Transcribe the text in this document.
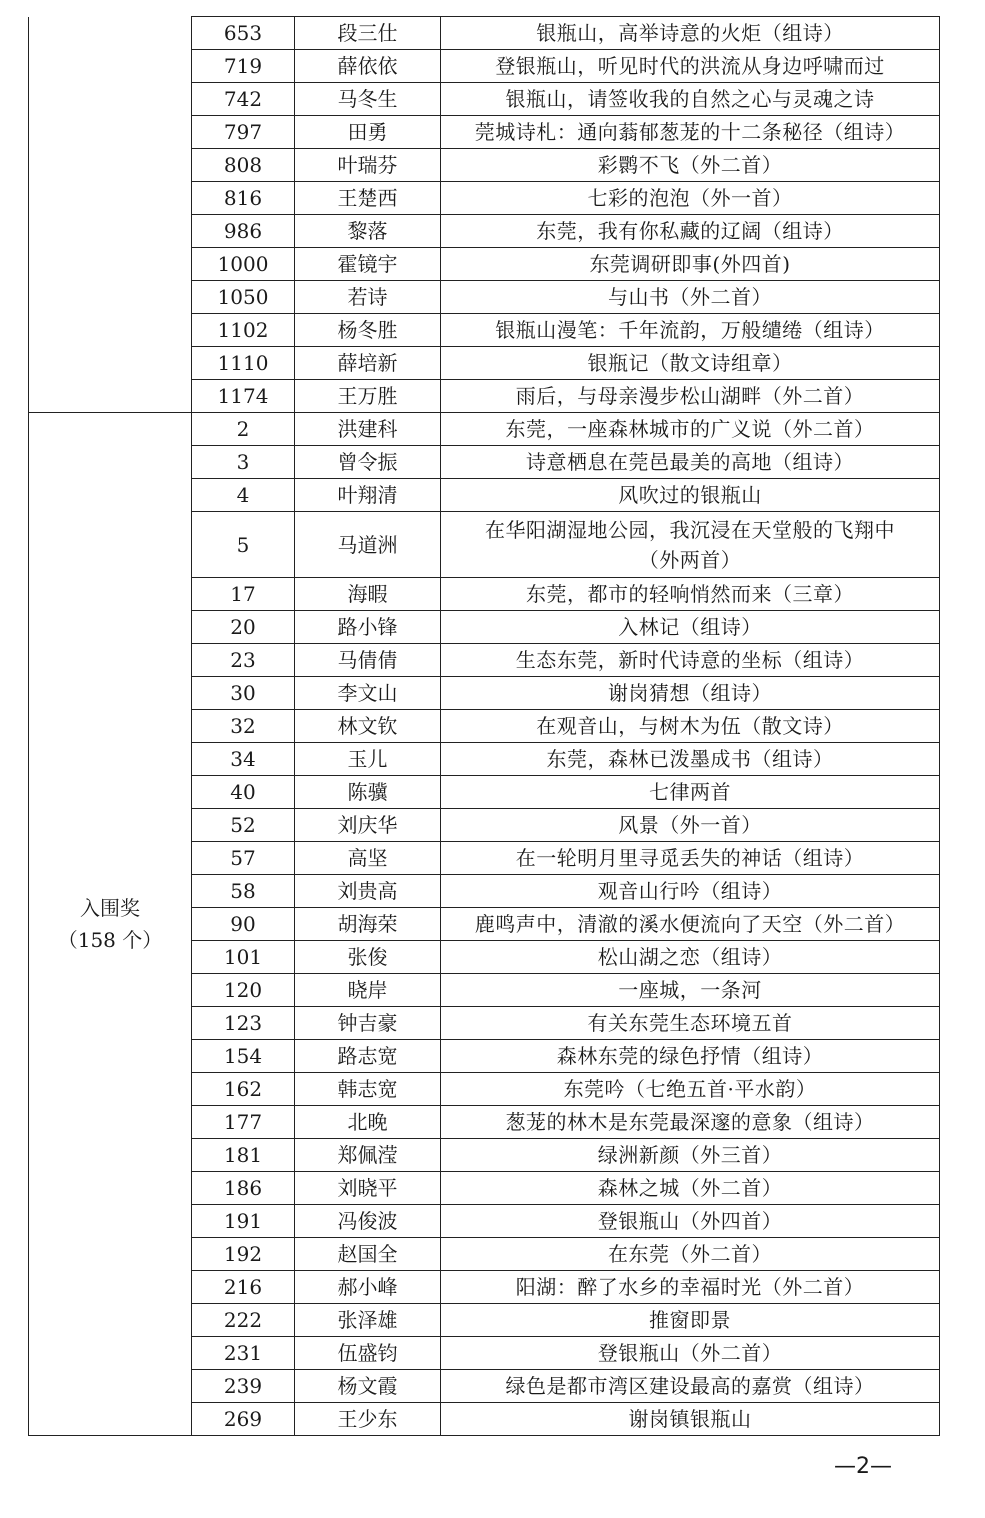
	653	段三仕	银瓶山，高举诗意的火炬（组诗）
	719	薛依依	登银瓶山，听见时代的洪流从身边呼啸而过
	742	马冬生	银瓶山，请签收我的自然之心与灵魂之诗
	797	田勇	莞城诗札：通向蓊郁葱茏的十二条秘径（组诗）
	808	叶瑞芬	彩鹮不飞（外二首）
	816	王楚西	七彩的泡泡（外一首）
	986	黎落	东莞，我有你私藏的辽阔（组诗）
	1000	霍镜宇	东莞调研即事(外四首)
	1050	若诗	与山书（外二首）
	1102	杨冬胜	银瓶山漫笔：千年流韵，万般缱绻（组诗）
	1110	薛培新	银瓶记（散文诗组章）
	1174	王万胜	雨后，与母亲漫步松山湖畔（外二首）

入围奖
（158 个）	2	洪建科	东莞，一座森林城市的广义说（外二首）
	3	曾令振	诗意栖息在莞邑最美的高地（组诗）
	4	叶翔清	风吹过的银瓶山
	5	马道洲	在华阳湖湿地公园，我沉浸在天堂般的飞翔中
（外两首）

	17	海暇	东莞，都市的轻响悄然而来（三章）
	20	路小锋	入林记（组诗）
	23	马倩倩	生态东莞，新时代诗意的坐标（组诗）
	30	李文山	谢岗猜想（组诗）
	32	林文钦	在观音山，与树木为伍（散文诗）
	34	玉儿	东莞，森林已泼墨成书（组诗）
	40	陈骥	七律两首
	52	刘庆华	风景（外一首）
	57	高坚	在一轮明月里寻觅丢失的神话（组诗）
	58	刘贵高	观音山行吟（组诗）
	90	胡海荣	鹿鸣声中，清澈的溪水便流向了天空（外二首）
	101	张俊	松山湖之恋（组诗）
	120	晓岸	一座城，一条河
	123	钟吉豪	有关东莞生态环境五首
	154	路志宽	森林东莞的绿色抒情（组诗）
	162	韩志宽	东莞吟（七绝五首·平水韵）
	177	北晚	葱茏的林木是东莞最深邃的意象（组诗）
	181	郑佩滢	绿洲新颜（外三首）
	186	刘晓平	森林之城（外二首）
	191	冯俊波	登银瓶山（外四首）
	192	赵国全	在东莞（外二首）
	216	郝小峰	阳湖：醉了水乡的幸福时光（外二首）
	222	张泽雄	推窗即景
	231	伍盛钧	登银瓶山（外二首）
	239	杨文霞	绿色是都市湾区建设最高的嘉赏（组诗）
	269	王少东	谢岗镇银瓶山
—2—
